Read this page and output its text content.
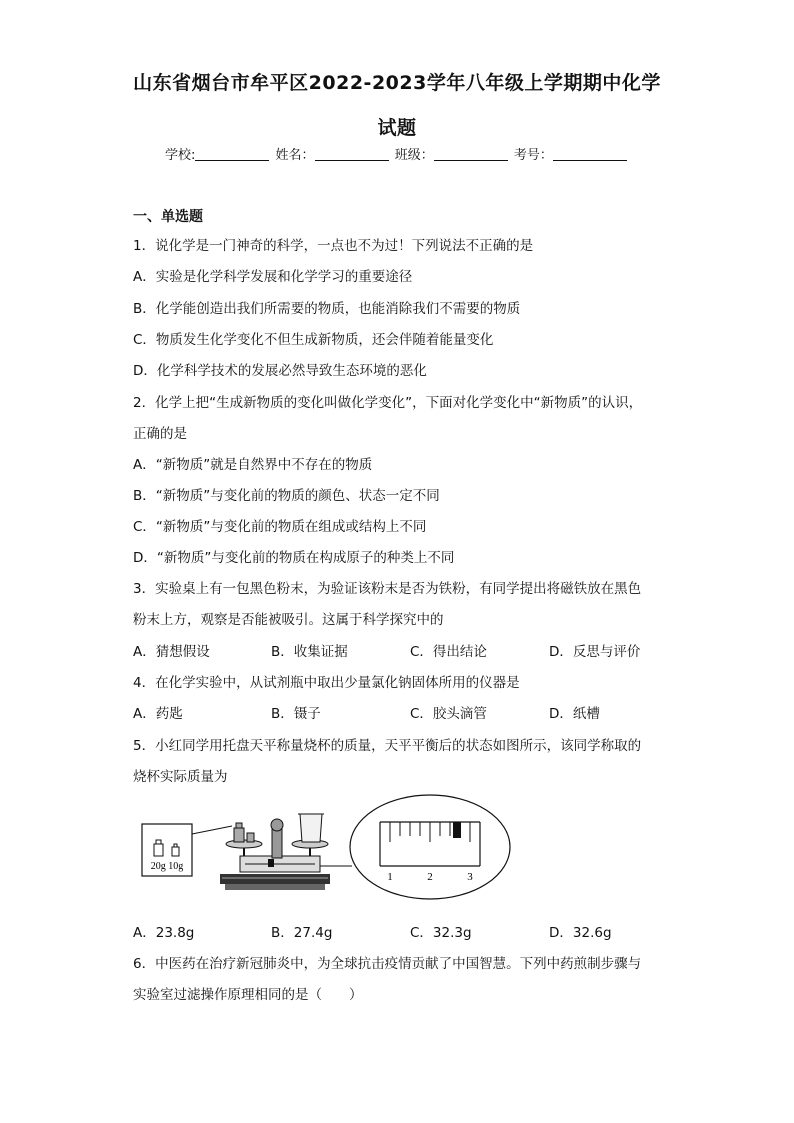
山东省烟台市牟平区2022-2023学年八年级上学期期中化学
试题
学校:	姓名：	班级：	考号：
一、单选题
1．说化学是一门神奇的科学，一点也不为过！下列说法不正确的是
A．实验是化学科学发展和化学学习的重要途径
B．化学能创造出我们所需要的物质，也能消除我们不需要的物质
C．物质发生化学变化不但生成新物质，还会伴随着能量变化
D．化学科学技术的发展必然导致生态环境的恶化
2．化学上把“生成新物质的变化叫做化学变化”，下面对化学变化中“新物质”的认识，
正确的是
A．“新物质”就是自然界中不存在的物质
B．“新物质”与变化前的物质的颜色、状态一定不同
C．“新物质”与变化前的物质在组成或结构上不同
D．“新物质”与变化前的物质在构成原子的种类上不同
3．实验桌上有一包黑色粉末，为验证该粉末是否为铁粉，有同学提出将磁铁放在黑色
粉末上方，观察是否能被吸引。这属于科学探究中的
A．猜想假设	B．收集证据	C．得出结论	D．反思与评价
4．在化学实验中，从试剂瓶中取出少量氯化钠固体所用的仪器是
A．药匙	B．镊子	C．胶头滴管	D．纸槽
5．小红同学用托盘天平称量烧杯的质量，天平平衡后的状态如图所示，该同学称取的
烧杯实际质量为
20g 10g
1	2	3
A．23.8g	B．27.4g	C．32.3g	D．32.6g
6．中医药在治疗新冠肺炎中，为全球抗击疫情贡献了中国智慧。下列中药煎制步骤与
实验室过滤操作原理相同的是（　　）
